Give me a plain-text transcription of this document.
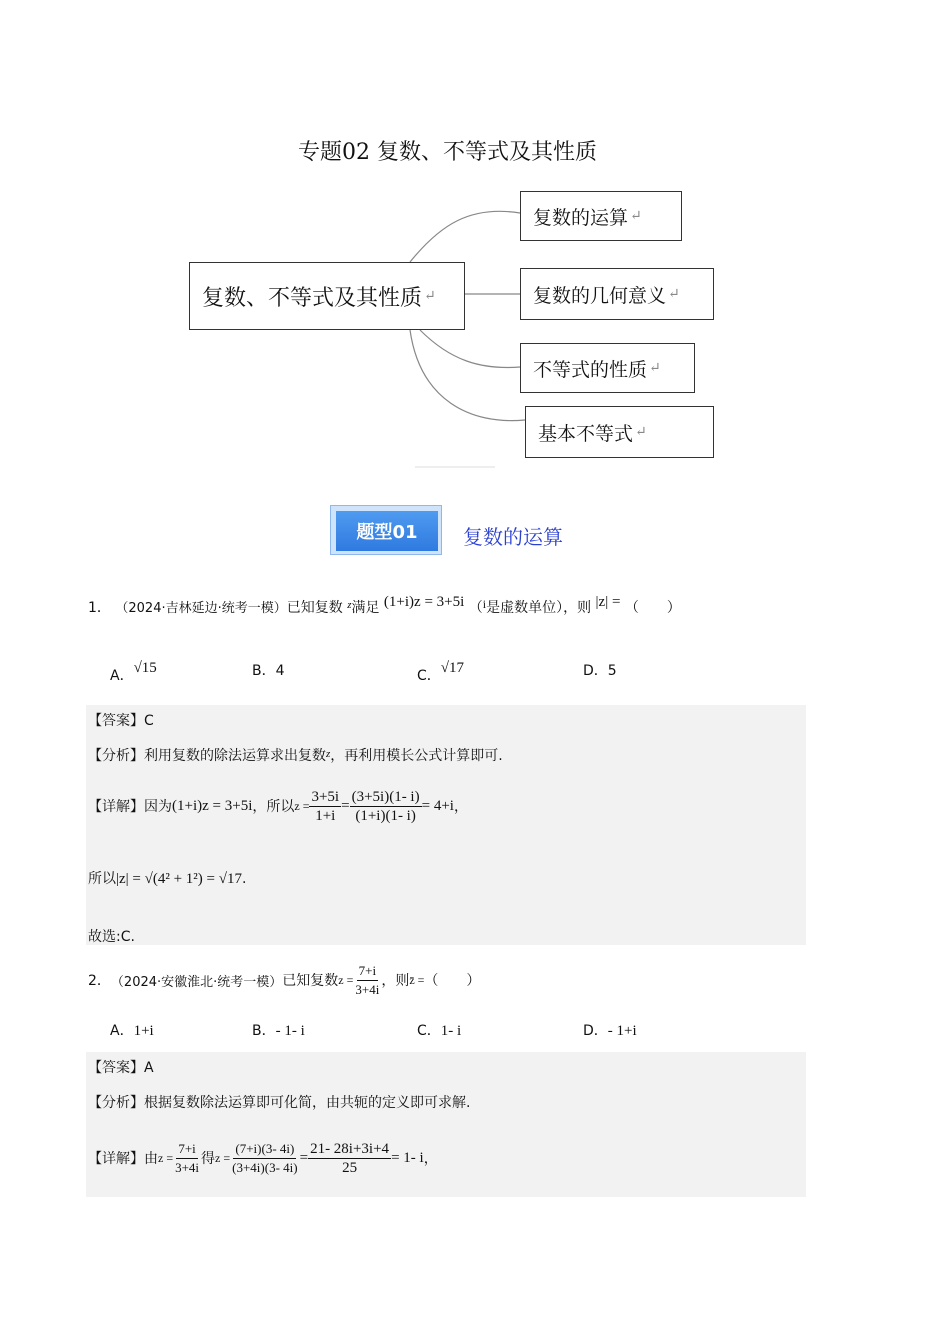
专题02 复数、不等式及其性质
复数、不等式及其性质 ↵
复数的运算 ↵
复数的几何意义 ↵
不等式的性质 ↵
基本不等式 ↵
题型01	复数的运算
1． （2024·吉林延边·统考一模）已知复数 $^z$满足 (1+i)z = 3+5i （i是虚数单位），则 |z| = （　　）
A．√15	B．4	C．√17	D．5
【答案】C
【分析】利用复数的除法运算求出复数$^z$，再利用模长公式计算即可.
【详解】 因为 (1+i)z = 3+5i ，所以 $z = \frac{3+5i}{1+i} = \frac{(3+5i)(1- i)}{(1+i)(1- i)} = 4+i$ ，
所以|z| = √(4² + 1²) = √17.
故选:C.
2． （2024·安徽淮北·统考一模） 已知复数 $z = \frac{7+i}{3+4i}$ ，则 z̄ = （　　）
A．1+i	B．- 1- i	C．1- i	D．- 1+i
【答案】A
【分析】根据复数除法运算即可化简，由共轭的定义即可求解.
【详解】 由 $z = \frac{7+i}{3+4i}$ 得 $z = \frac{(7+i)(3- 4i)}{(3+4i)(3- 4i)} = \frac{21- 28i+3i+4}{25} = 1-$ i ，
